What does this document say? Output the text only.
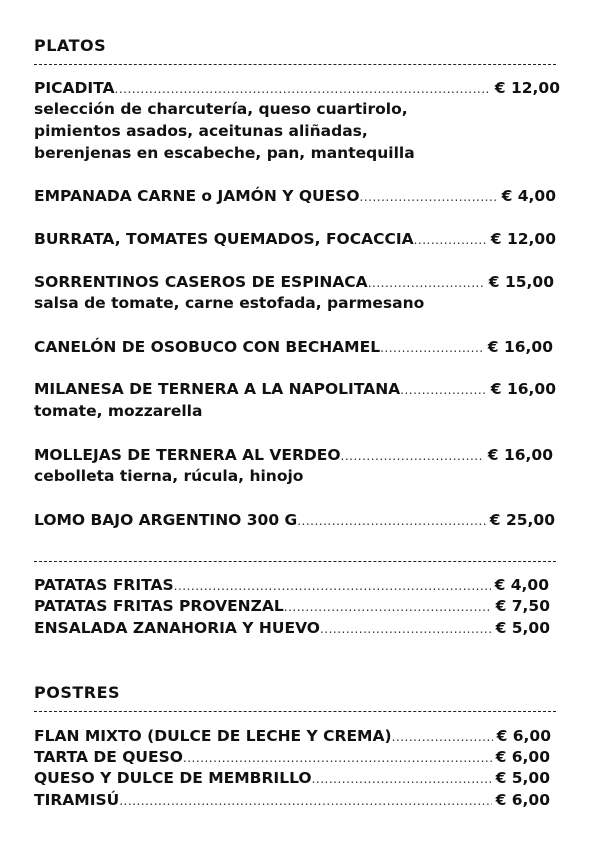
PLATOS
PICADITA .....	€ 12,00
selección de charcutería, queso cuartirolo,
pimientos asados, aceitunas aliñadas,
berenjenas en escabeche, pan, mantequilla
EMPANADA CARNE o JAMÓN Y QUESO .....	€ 4,00
BURRATA, TOMATES QUEMADOS, FOCACCIA .....	€ 12,00
SORRENTINOS CASEROS DE ESPINACA .....	€ 15,00
salsa de tomate, carne estofada, parmesano
CANELÓN DE OSOBUCO CON BECHAMEL .....	€ 16,00
MILANESA DE TERNERA A LA NAPOLITANA .....	€ 16,00
tomate, mozzarella
MOLLEJAS DE TERNERA AL VERDEO .....	€ 16,00
cebolleta tierna, rúcula, hinojo
LOMO BAJO ARGENTINO 300 G .....	€ 25,00
PATATAS FRITAS .....	€ 4,00
PATATAS FRITAS PROVENZAL .....	€ 7,50
ENSALADA ZANAHORIA Y HUEVO .....	€ 5,00
POSTRES
FLAN MIXTO (DULCE DE LECHE Y CREMA) .....	€ 6,00
TARTA DE QUESO .....	€ 6,00
QUESO Y DULCE DE MEMBRILLO .....	€ 5,00
TIRAMISÚ .....	€ 6,00
